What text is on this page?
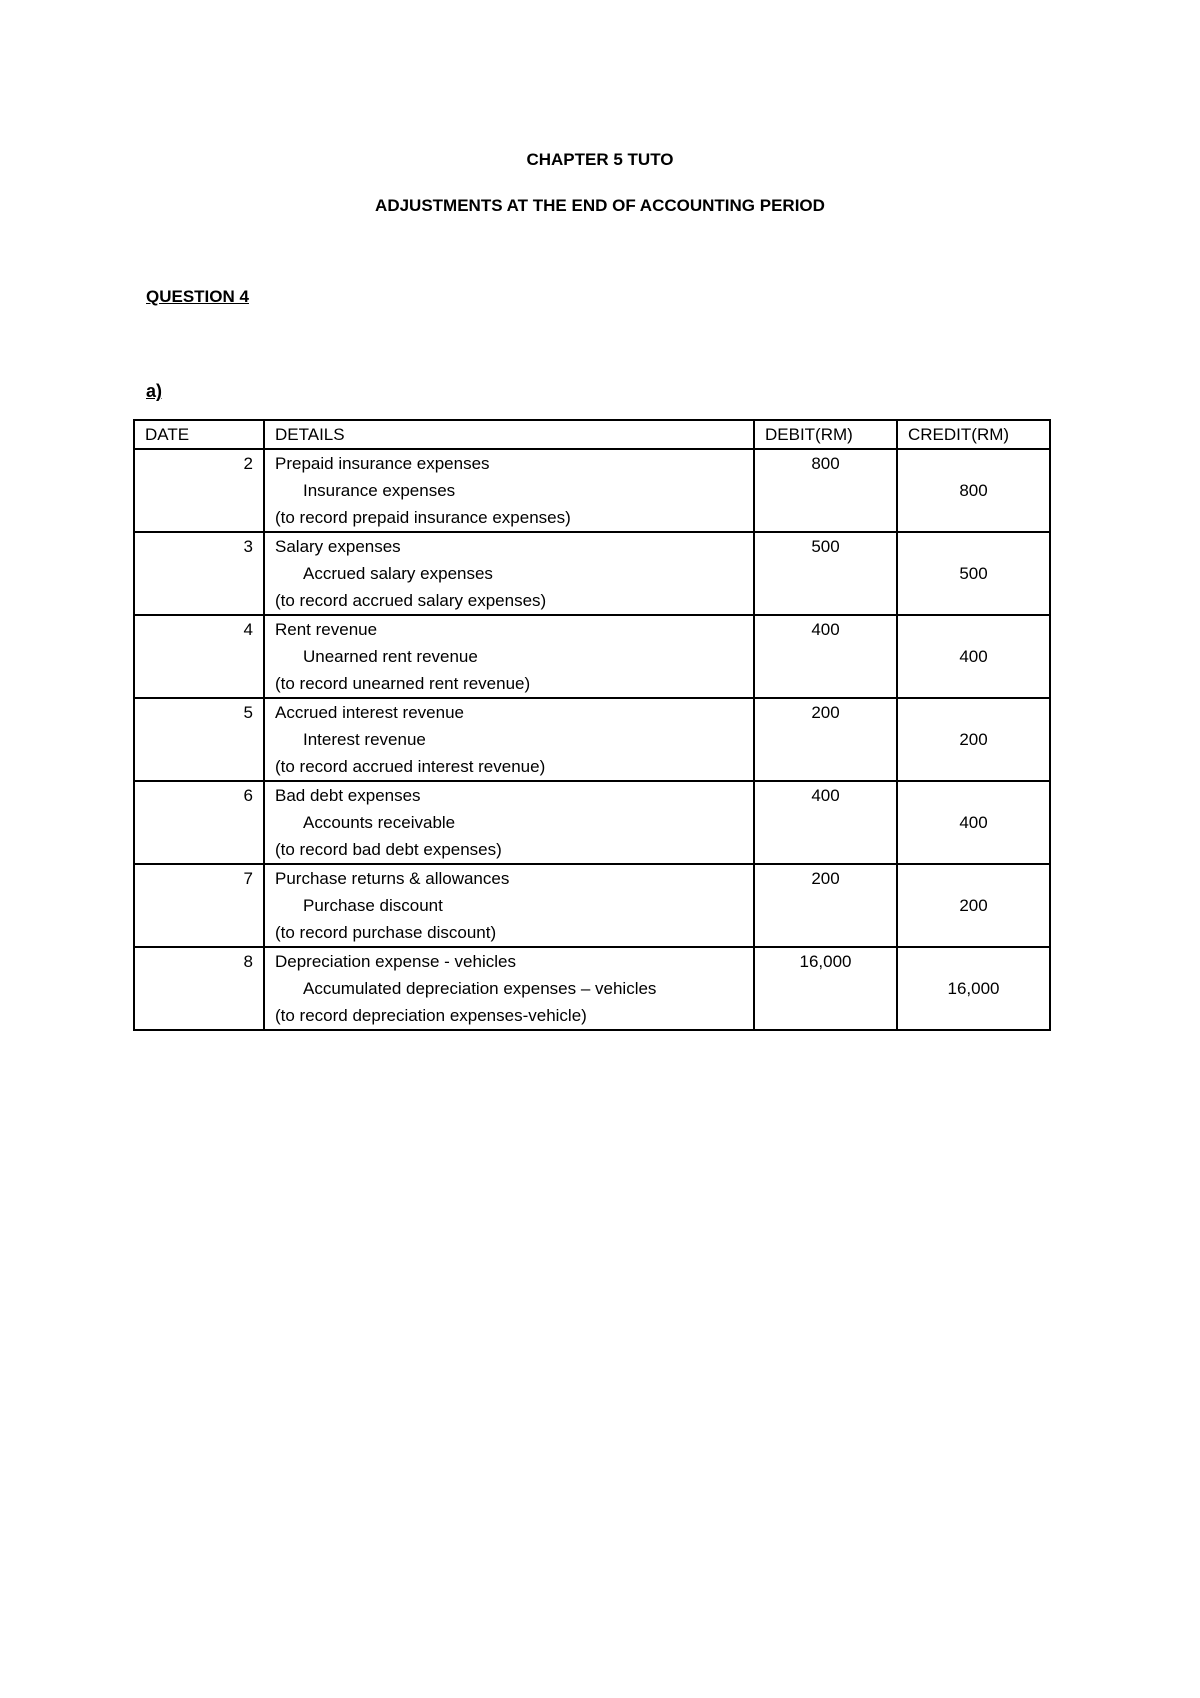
CHAPTER 5 TUTO
ADJUSTMENTS AT THE END OF ACCOUNTING PERIOD
QUESTION 4
a)
DATE	DETAILS	DEBIT(RM)	CREDIT(RM)

2	Prepaid insurance expenses
Insurance expenses
(to record prepaid insurance expenses)	800	800

3	Salary expenses
Accrued salary expenses
(to record accrued salary expenses)	500	500

4	Rent revenue
Unearned rent revenue
(to record unearned rent revenue)	400	400

5	Accrued interest revenue
Interest revenue
(to record accrued interest revenue)	200	200

6	Bad debt expenses
Accounts receivable
(to record bad debt expenses)	400	400

7	Purchase returns & allowances
Purchase discount
(to record purchase discount)	200	200

8	Depreciation expense - vehicles
Accumulated depreciation expenses – vehicles
(to record depreciation expenses-vehicle)	16,000	16,000
